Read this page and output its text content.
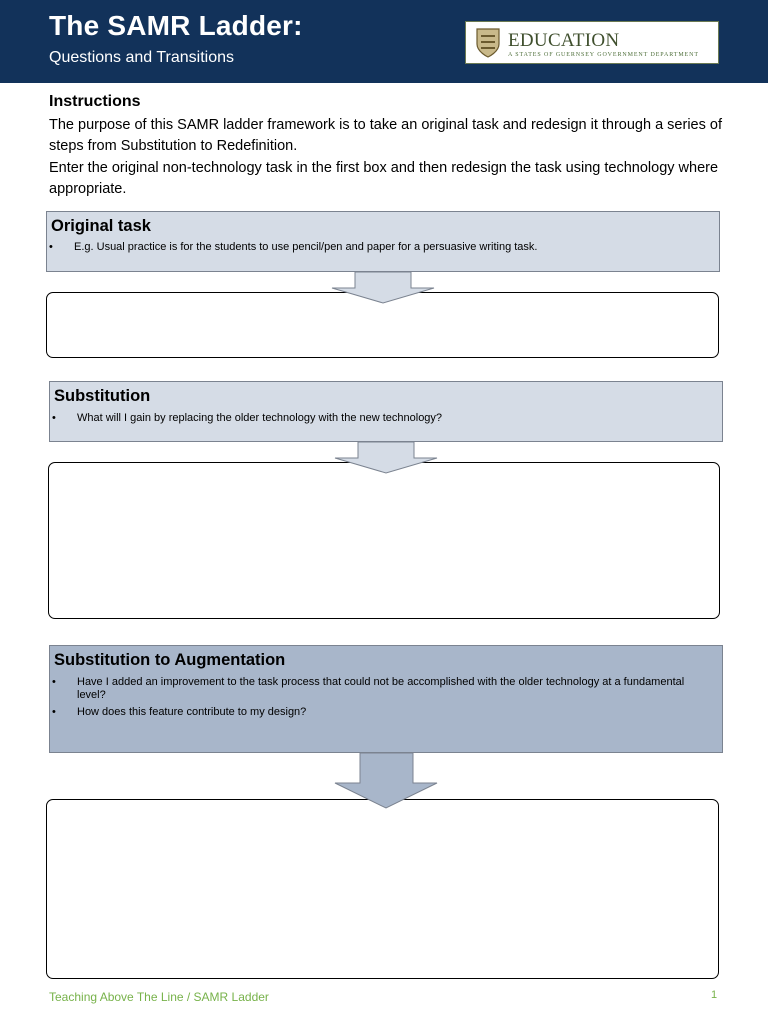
The SAMR Ladder:
Questions and Transitions
EDUCATION
A STATES OF GUERNSEY GOVERNMENT DEPARTMENT
Instructions
The purpose of this SAMR ladder framework is to take an original task and redesign it through a series of steps from Substitution to Redefinition.
Enter the original non-technology task in the first box and then redesign the task using technology where appropriate.
Original task
• E.g. Usual practice is for the students to use pencil/pen and paper for a persuasive writing task.
Substitution
• What will I gain by replacing the older technology with the new technology?
Substitution to Augmentation
• Have I added an improvement to the task process that could not be accomplished with the older technology at a fundamental level?
• How does this feature contribute to my design?
Teaching Above The Line / SAMR Ladder	1
